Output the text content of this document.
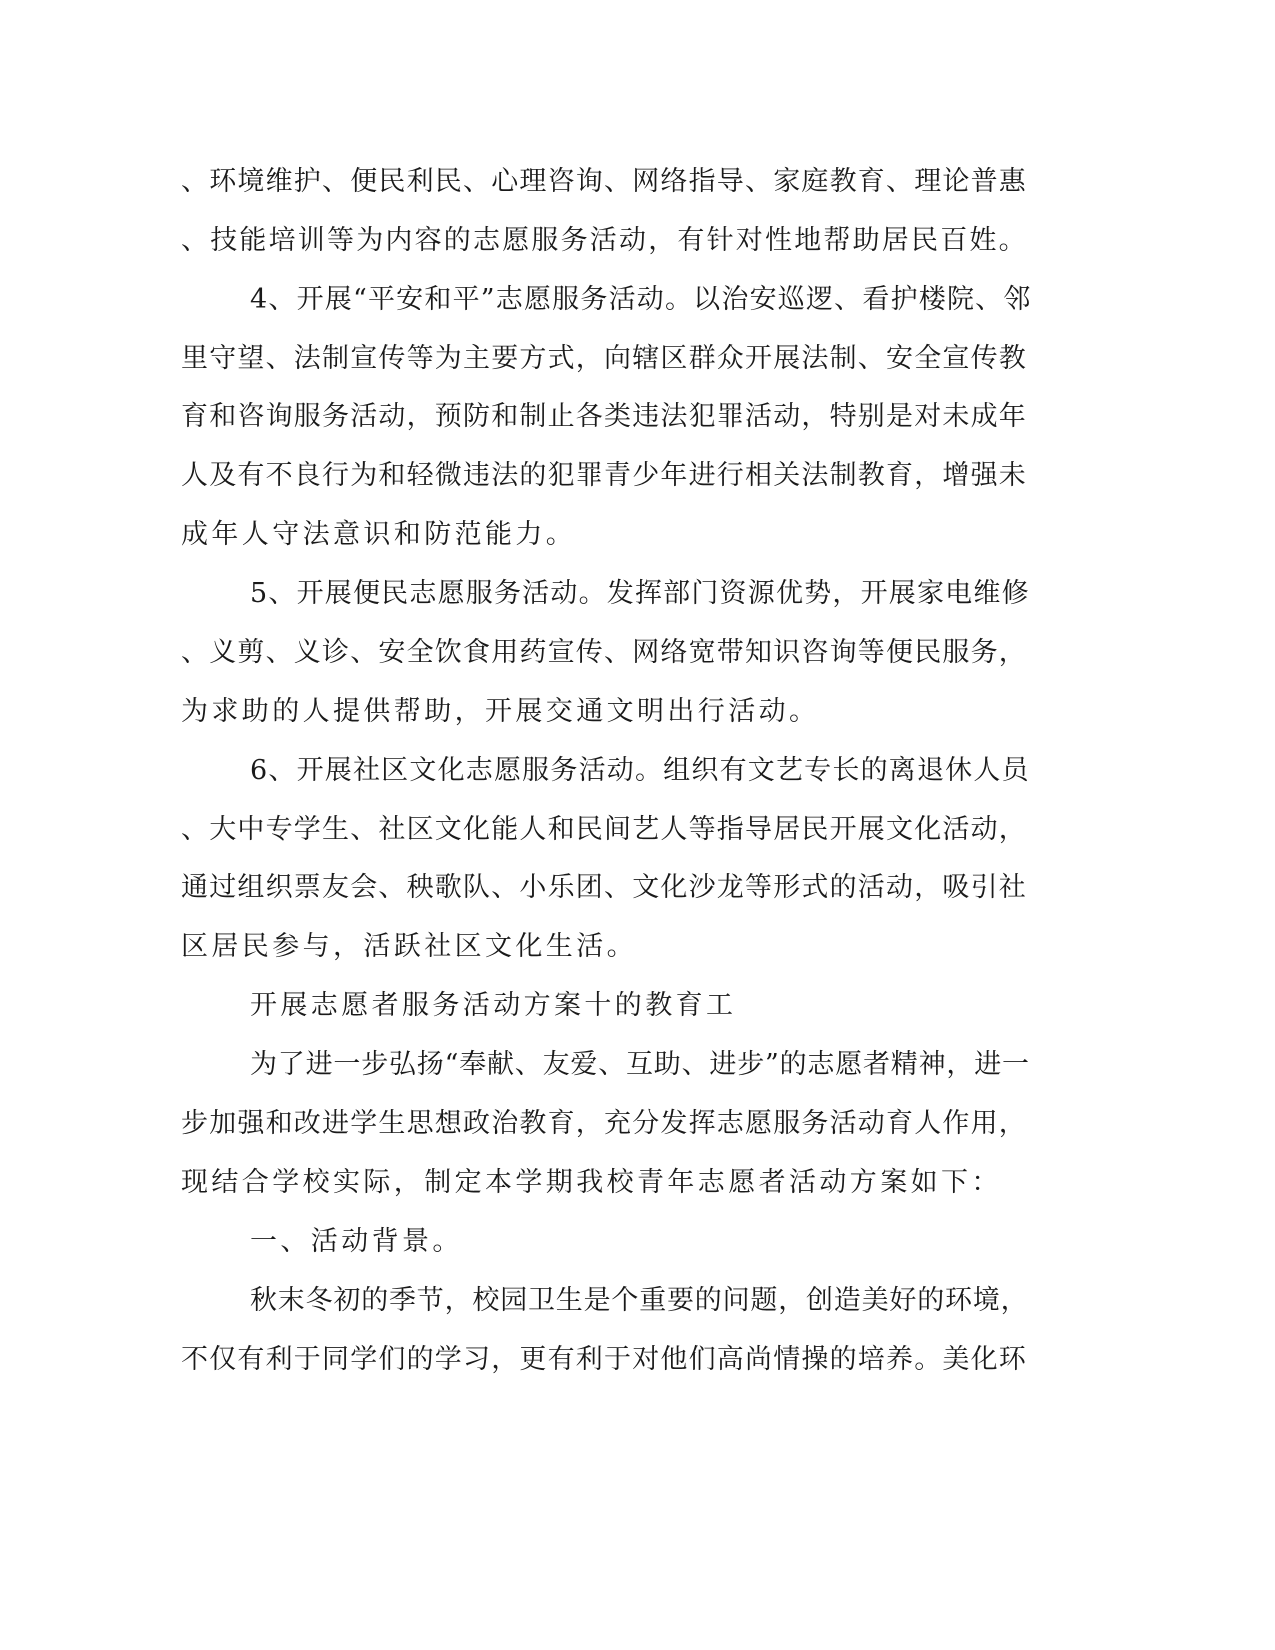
、环境维护、便民利民、心理咨询、网络指导、家庭教育、理论普惠
、技能培训等为内容的志愿服务活动，有针对性地帮助居民百姓。
4、开展“平安和平”志愿服务活动。以治安巡逻、看护楼院、邻
里守望、法制宣传等为主要方式，向辖区群众开展法制、安全宣传教
育和咨询服务活动，预防和制止各类违法犯罪活动，特别是对未成年
人及有不良行为和轻微违法的犯罪青少年进行相关法制教育，增强未
成年人守法意识和防范能力。
5、开展便民志愿服务活动。发挥部门资源优势，开展家电维修
、义剪、义诊、安全饮食用药宣传、网络宽带知识咨询等便民服务，
为求助的人提供帮助，开展交通文明出行活动。
6、开展社区文化志愿服务活动。组织有文艺专长的离退休人员
、大中专学生、社区文化能人和民间艺人等指导居民开展文化活动，
通过组织票友会、秧歌队、小乐团、文化沙龙等形式的活动，吸引社
区居民参与，活跃社区文化生活。
开展志愿者服务活动方案十的教育工
为了进一步弘扬“奉献、友爱、互助、进步”的志愿者精神，进一
步加强和改进学生思想政治教育，充分发挥志愿服务活动育人作用，
现结合学校实际，制定本学期我校青年志愿者活动方案如下：
一、活动背景。
秋末冬初的季节，校园卫生是个重要的问题，创造美好的环境，
不仅有利于同学们的学习，更有利于对他们高尚情操的培养。美化环
